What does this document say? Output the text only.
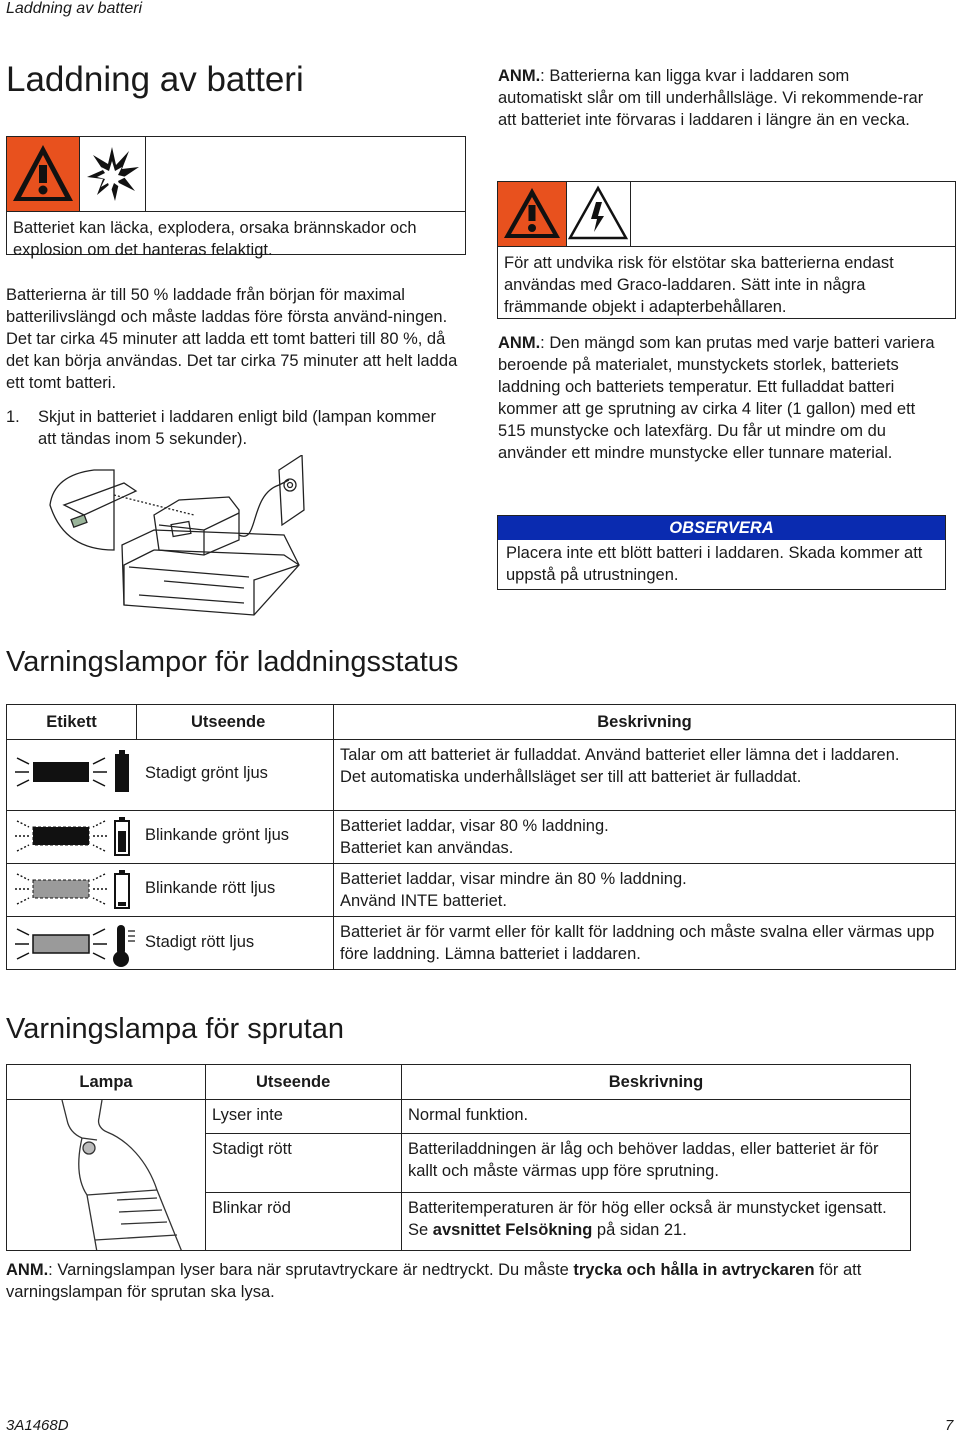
Laddning av batteri
Laddning av batteri
Batteriet kan läcka, explodera, orsaka brännskador och explosion om det hanteras felaktigt.
Batterierna är till 50 % laddade från början för maximal batterilivslängd och måste laddas före första använd-ningen. Det tar cirka 45 minuter att ladda ett tomt batteri till 80 %, då det kan börja användas. Det tar cirka 75 minuter att helt ladda ett tomt batteri.
1. Skjut in batteriet i laddaren enligt bild (lampan kommer att tändas inom 5 sekunder).
ANM.: Batterierna kan ligga kvar i laddaren som automatiskt slår om till underhållsläge. Vi rekommende-rar att batteriet inte förvaras i laddaren i längre än en vecka.
För att undvika risk för elstötar ska batterierna endast användas med Graco-laddaren. Sätt inte in några främmande objekt i adapterbehållaren.
ANM.: Den mängd som kan prutas med varje batteri variera beroende på materialet, munstyckets storlek, batteriets laddning och batteriets temperatur. Ett fulladdat batteri kommer att ge sprutning av cirka 4 liter (1 gallon) med ett 515 munstycke och latexfärg. Du får ut mindre om du använder ett mindre munstycke eller tunnare material.
OBSERVERA
Placera inte ett blött batteri i laddaren. Skada kommer att uppstå på utrustningen.
Varningslampor för laddningsstatus
Etikett	Utseende	Beskrivning

Stadigt grönt ljus		Talar om att batteriet är fulladdat. Använd batteriet eller lämna det i laddaren.
Det automatiska underhållsläget ser till att batteriet är fulladdat.

Blinkande grönt ljus		Batteriet laddar, visar 80 % laddning.
Batteriet kan användas.

Blinkande rött ljus		Batteriet laddar, visar mindre än 80 % laddning.
Använd INTE batteriet.

Stadigt rött ljus		Batteriet är för varmt eller för kallt för laddning och måste svalna eller värmas upp före laddning. Lämna batteriet i laddaren.
Varningslampa för sprutan
Lampa	Utseende	Beskrivning

	Lyser inte	Normal funktion.
	Stadigt rött	Batteriladdningen är låg och behöver laddas, eller batteriet är för kallt och måste värmas upp före sprutning.
	Blinkar röd	Batteritemperaturen är för hög eller också är munstycket igensatt.
Se avsnittet Felsökning på sidan 21.
ANM.: Varningslampan lyser bara när sprutavtryckare är nedtryckt. Du måste trycka och hålla in avtryckaren för att varningslampan för sprutan ska lysa.
3A1468D	7
